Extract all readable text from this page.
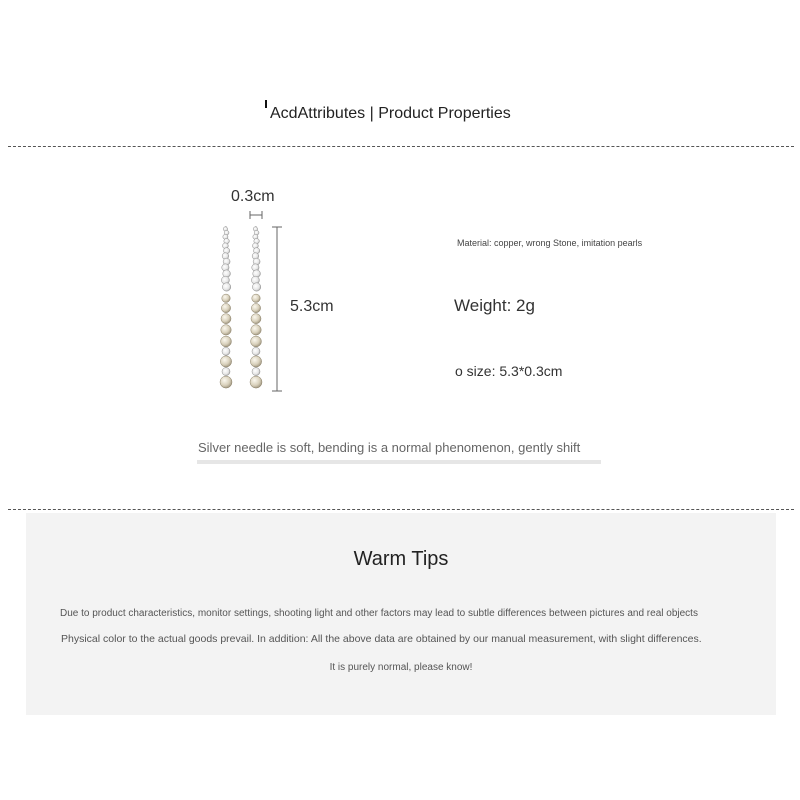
AcdAttributes | Product Properties
0.3cm
5.3cm
Material: copper, wrong Stone, imitation pearls
Weight: 2g
o size: 5.3*0.3cm
Silver needle is soft, bending is a normal phenomenon, gently shift
Warm Tips
Due to product characteristics, monitor settings, shooting light and other factors may lead to subtle differences between pictures and real objects
Physical color to the actual goods prevail. In addition: All the above data are obtained by our manual measurement, with slight differences.
It is purely normal, please know!
